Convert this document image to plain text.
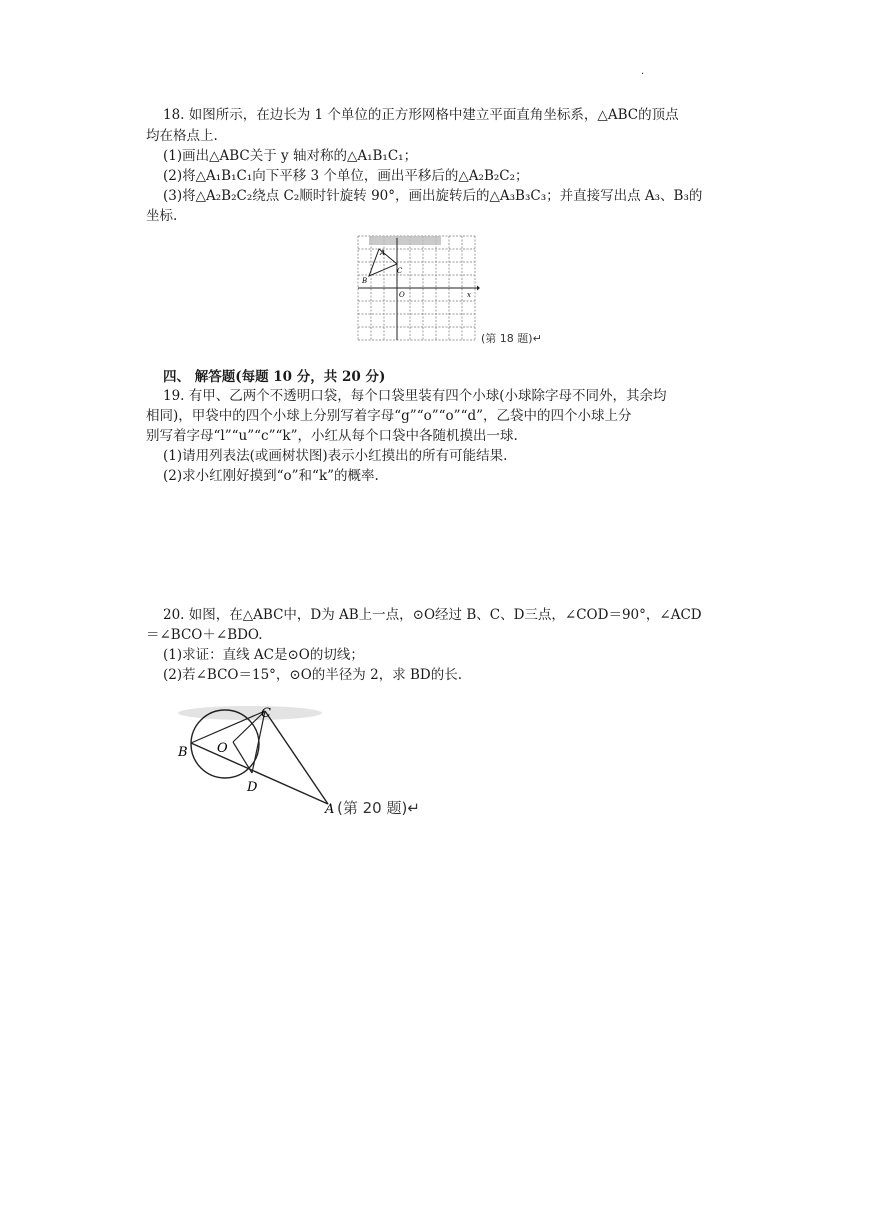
.
18. 如图所示，在边长为 1 个单位的正方形网格中建立平面直角坐标系，△ABC的顶点
均在格点上.
(1)画出△ABC关于 y 轴对称的△A₁B₁C₁；
(2)将△A₁B₁C₁向下平移 3 个单位，画出平移后的△A₂B₂C₂；
(3)将△A₂B₂C₂绕点 C₂顺时针旋转 90°，画出旋转后的△A₃B₃C₃；并直接写出点 A₃、B₃的
坐标.
A
B
C
O	x
(第 18 题)↵
四、 解答题(每题 10 分，共 20 分)
19. 有甲、乙两个不透明口袋，每个口袋里装有四个小球(小球除字母不同外，其余均
相同)，甲袋中的四个小球上分别写着字母“g”“o”“o”“d”，乙袋中的四个小球上分
别写着字母“l”“u”“c”“k”，小红从每个口袋中各随机摸出一球.
(1)请用列表法(或画树状图)表示小红摸出的所有可能结果.
(2)求小红刚好摸到“o”和“k”的概率.
20. 如图，在△ABC中，D为 AB上一点，⊙O经过 B、C、D三点，∠COD＝90°，∠ACD
＝∠BCO＋∠BDO.
(1)求证：直线 AC是⊙O的切线；
(2)若∠BCO＝15°，⊙O的半径为 2，求 BD的长.
B O
C
D
A (第 20 题)↵
